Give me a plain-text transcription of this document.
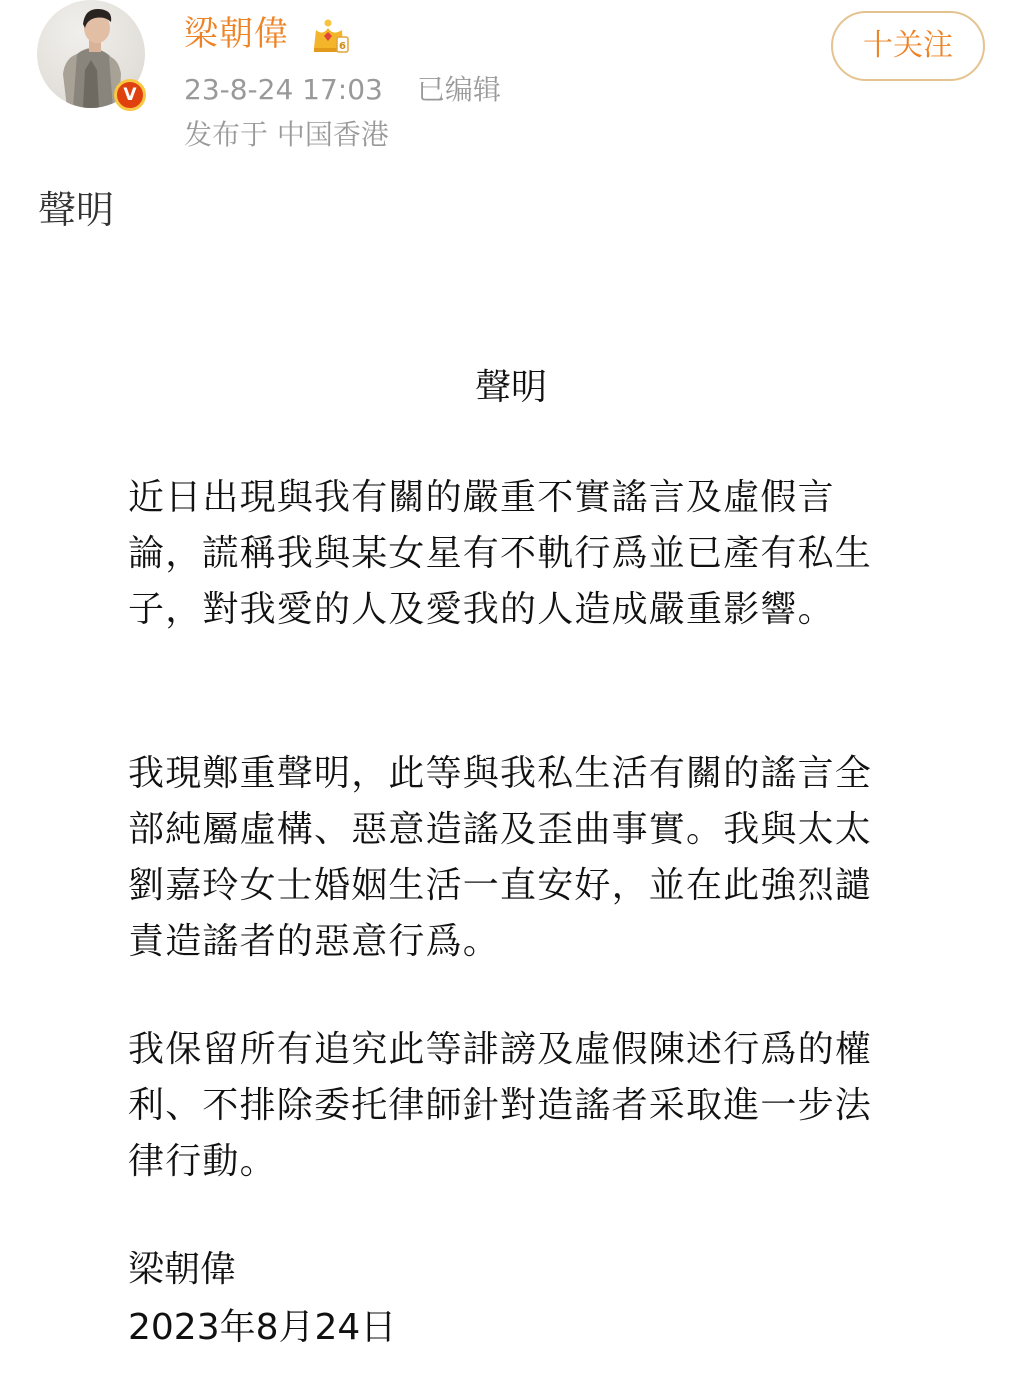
V
梁朝偉	6
23-8-24 17:03 已编辑
发布于 中国香港
十关注
聲明
聲明

近日出現與我有關的嚴重不實謠言及虛假言論，謊稱我與某女星有不軌行爲並已產有私生子，對我愛的人及愛我的人造成嚴重影響。

我現鄭重聲明，此等與我私生活有關的謠言全部純屬虛構、惡意造謠及歪曲事實。我與太太劉嘉玲女士婚姻生活一直安好，並在此強烈譴責造謠者的惡意行爲。

我保留所有追究此等誹謗及虛假陳述行爲的權利、不排除委托律師針對造謠者采取進一步法律行動。

梁朝偉
2023年8月24日
